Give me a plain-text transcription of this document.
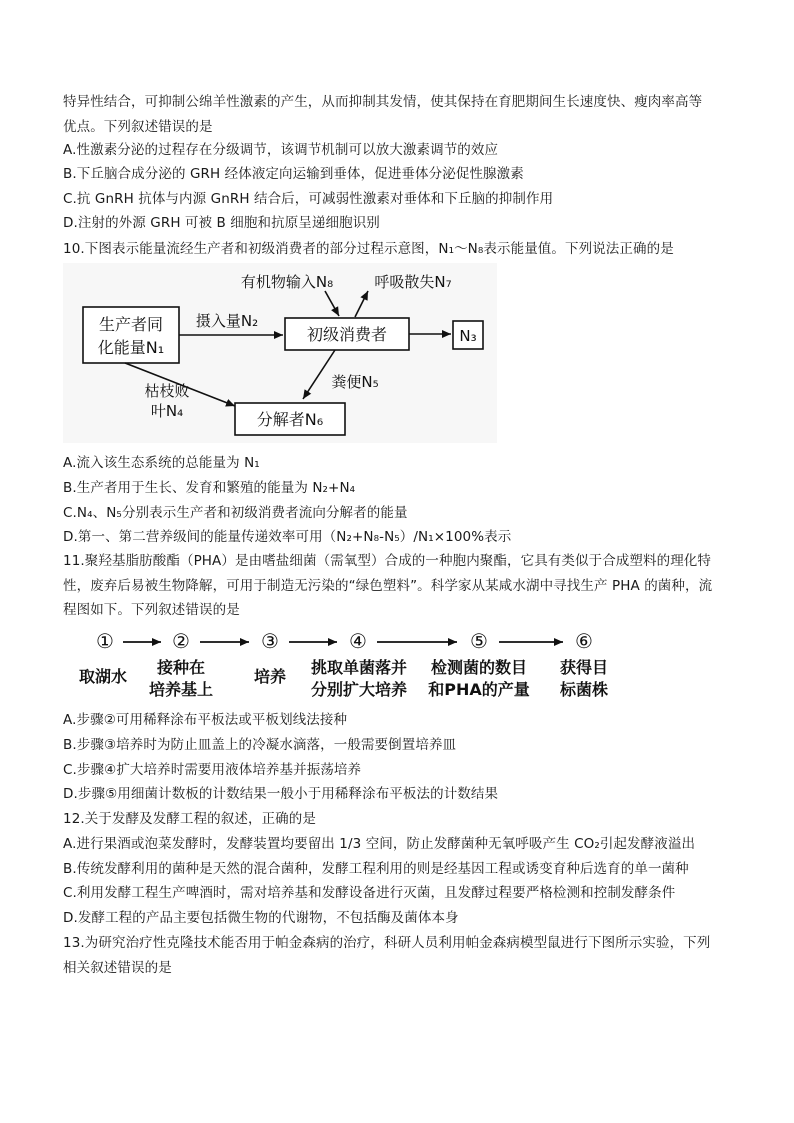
特异性结合，可抑制公绵羊性激素的产生，从而抑制其发情，使其保持在育肥期间生长速度快、瘦肉率高等
优点。下列叙述错误的是
A.性激素分泌的过程存在分级调节，该调节机制可以放大激素调节的效应
B.下丘脑合成分泌的 GRH 经体液定向运输到垂体，促进垂体分泌促性腺激素
C.抗 GnRH 抗体与内源 GnRH 结合后，可减弱性激素对垂体和下丘脑的抑制作用
D.注射的外源 GRH 可被 B 细胞和抗原呈递细胞识别
10.下图表示能量流经生产者和初级消费者的部分过程示意图，N₁～N₈表示能量值。下列说法正确的是
生产者同
化能量N₁
摄入量N₂
初级消费者	N₃
有机物输入N₈	呼吸散失N₇
枯枝败
叶N₄
粪便N₅
分解者N₆
A.流入该生态系统的总能量为 N₁
B.生产者用于生长、发育和繁殖的能量为 N₂+N₄
C.N₄、N₅分别表示生产者和初级消费者流向分解者的能量
D.第一、第二营养级间的能量传递效率可用（N₂+N₈-N₅）/N₁×100%表示
11.聚羟基脂肪酸酯（PHA）是由嗜盐细菌（需氧型）合成的一种胞内聚酯，它具有类似于合成塑料的理化特
性，废弃后易被生物降解，可用于制造无污染的“绿色塑料”。科学家从某咸水湖中寻找生产 PHA 的菌种，流
程图如下。下列叙述错误的是
①	②	③	④	⑤	⑥
取湖水 接种在
培养基上
培养 挑取单菌落并
分别扩大培养
检测菌的数目
和PHA的产量
获得目
标菌株
A.步骤②可用稀释涂布平板法或平板划线法接种
B.步骤③培养时为防止皿盖上的冷凝水滴落，一般需要倒置培养皿
C.步骤④扩大培养时需要用液体培养基并振荡培养
D.步骤⑤用细菌计数板的计数结果一般小于用稀释涂布平板法的计数结果
12.关于发酵及发酵工程的叙述，正确的是
A.进行果酒或泡菜发酵时，发酵装置均要留出 1/3 空间，防止发酵菌种无氧呼吸产生 CO₂引起发酵液溢出
B.传统发酵利用的菌种是天然的混合菌种，发酵工程利用的则是经基因工程或诱变育种后选育的单一菌种
C.利用发酵工程生产啤酒时，需对培养基和发酵设备进行灭菌，且发酵过程要严格检测和控制发酵条件
D.发酵工程的产品主要包括微生物的代谢物，不包括酶及菌体本身
13.为研究治疗性克隆技术能否用于帕金森病的治疗，科研人员利用帕金森病模型鼠进行下图所示实验，下列
相关叙述错误的是
